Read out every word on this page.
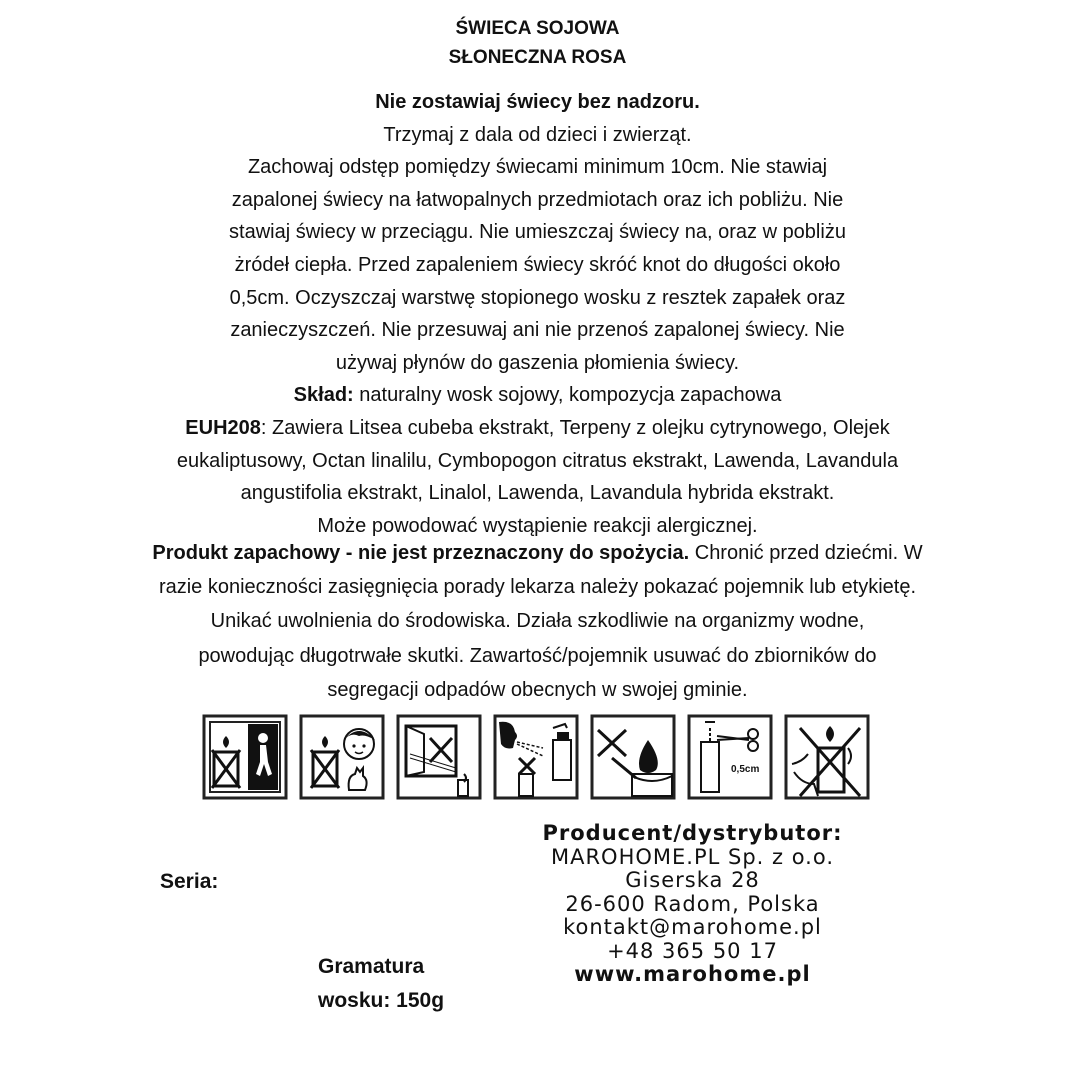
ŚWIECA SOJOWA
SŁONECZNA ROSA
Nie zostawiaj świecy bez nadzoru.
Trzymaj z dala od dzieci i zwierząt.
Zachowaj odstęp pomiędzy świecami minimum 10cm. Nie stawiaj
zapalonej świecy na łatwopalnych przedmiotach oraz ich pobliżu. Nie
stawiaj świecy w przeciągu. Nie umieszczaj świecy na, oraz w pobliżu
żródeł ciepła. Przed zapaleniem świecy skróć knot do długości około
0,5cm. Oczyszczaj warstwę stopionego wosku z resztek zapałek oraz
zanieczyszczeń. Nie przesuwaj ani nie przenoś zapalonej świecy. Nie
używaj płynów do gaszenia płomienia świecy.
Skład: naturalny wosk sojowy, kompozycja zapachowa
EUH208: Zawiera Litsea cubeba ekstrakt, Terpeny z olejku cytrynowego, Olejek
eukaliptusowy, Octan linalilu, Cymbopogon citratus ekstrakt, Lawenda, Lavandula
angustifolia ekstrakt, Linalol, Lawenda, Lavandula hybrida ekstrakt.
Może powodować wystąpienie reakcji alergicznej.
Produkt zapachowy - nie jest przeznaczony do spożycia. Chronić przed dziećmi. W
razie konieczności zasięgnięcia porady lekarza należy pokazać pojemnik lub etykietę.
Unikać uwolnienia do środowiska. Działa szkodliwie na organizmy wodne,
powodując długotrwałe skutki. Zawartość/pojemnik usuwać do zbiorników do
segregacji odpadów obecnych w swojej gminie.
0,5cm
Seria:
Gramatura
wosku: 150g
Producent/dystrybutor:
MAROHOME.PL Sp. z o.o.
Giserska 28
26-600 Radom, Polska
kontakt@marohome.pl
+48 365 50 17
www.marohome.pl
